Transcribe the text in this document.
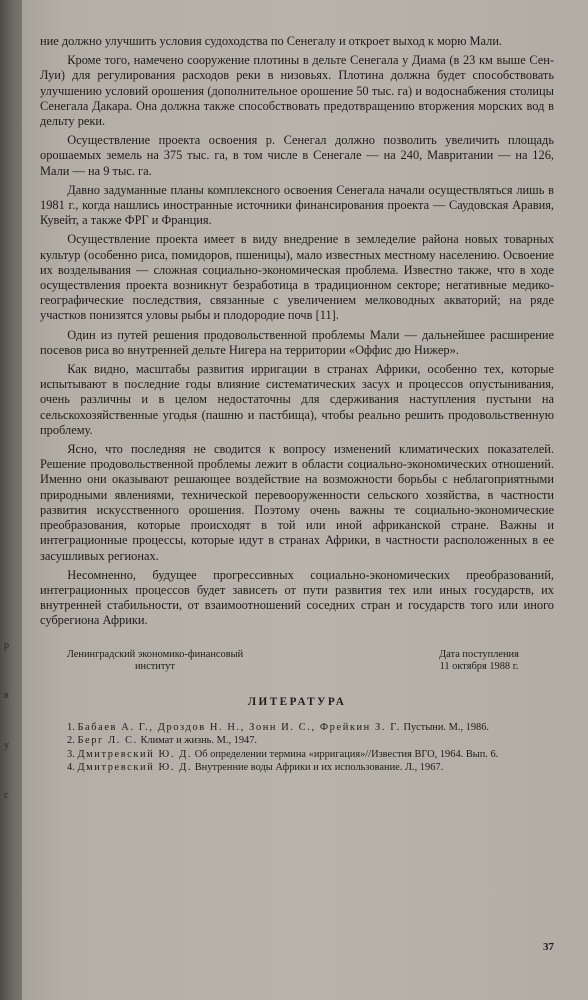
р
в
у
с

ние должно улучшить условия судоходства по Сенегалу и откроет выход к морю Мали.

Кроме того, намечено сооружение плотины в дельте Сенегала у Диама (в 23 км выше Сен-Луи) для регулирования расходов реки в низовьях. Плотина должна будет способствовать улучшению условий орошения (дополнительное орошение 50 тыс. га) и водоснабжения столицы Сенегала Дакара. Она должна также способствовать предотвращению вторжения морских вод в дельту реки.

Осуществление проекта освоения р. Сенегал должно позволить увеличить площадь орошаемых земель на 375 тыс. га, в том числе в Сенегале — на 240, Мавритании — на 126, Мали — на 9 тыс. га.

Давно задуманные планы комплексного освоения Сенегала начали осуществляться лишь в 1981 г., когда нашлись иностранные источники финансирования проекта — Саудовская Аравия, Кувейт, а также ФРГ и Франция.

Осуществление проекта имеет в виду внедрение в земледелие района новых товарных культур (особенно риса, помидоров, пшеницы), мало известных местному населению. Освоение их возделывания — сложная социально-экономическая проблема. Известно также, что в ходе осуществления проекта возникнут безработица в традиционном секторе; негативные медико-географические последствия, связанные с увеличением мелководных акваторий; на ряде участков понизятся уловы рыбы и плодородие почв [11].

Один из путей решения продовольственной проблемы Мали — дальнейшее расширение посевов риса во внутренней дельте Нигера на территории «Оффис дю Нижер».

Как видно, масштабы развития ирригации в странах Африки, особенно тех, которые испытывают в последние годы влияние систематических засух и процессов опустынивания, очень различны и в целом недостаточны для сдерживания наступления пустыни на сельскохозяйственные угодья (пашню и пастбища), чтобы реально решить продовольственную проблему.

Ясно, что последняя не сводится к вопросу изменений климатических показателей. Решение продовольственной проблемы лежит в области социально-экономических отношений. Именно они оказывают решающее воздействие на возможности борьбы с неблагоприятными природными явлениями, технической перевооруженности сельского хозяйства, в частности развития искусственного орошения. Поэтому очень важны те социально-экономические преобразования, которые происходят в той или иной африканской стране. Важны и интеграционные процессы, которые идут в странах Африки, в частности расположенных в ее засушливых регионах.

Несомненно, будущее прогрессивных социально-экономических преобразований, интеграционных процессов будет зависеть от пути развития тех или иных государств, их внутренней стабильности, от взаимоотношений соседних стран и государств того или иного субрегиона Африки.

Ленинградский экономико-финансовый
институт
Дата поступления
11 октября 1988 г.
ЛИТЕРАТУРА
1. Бабаев А. Г., Дроздов Н. Н., Зонн И. С., Фрейкин З. Г. Пустыни. М., 1986.
2. Берг Л. С. Климат и жизнь. М., 1947.
3. Дмитревский Ю. Д. Об определении термина «ирригация»//Известия ВГО, 1964. Вып. 6.
4. Дмитревский Ю. Д. Внутренние воды Африки и их использование. Л., 1967.
37
